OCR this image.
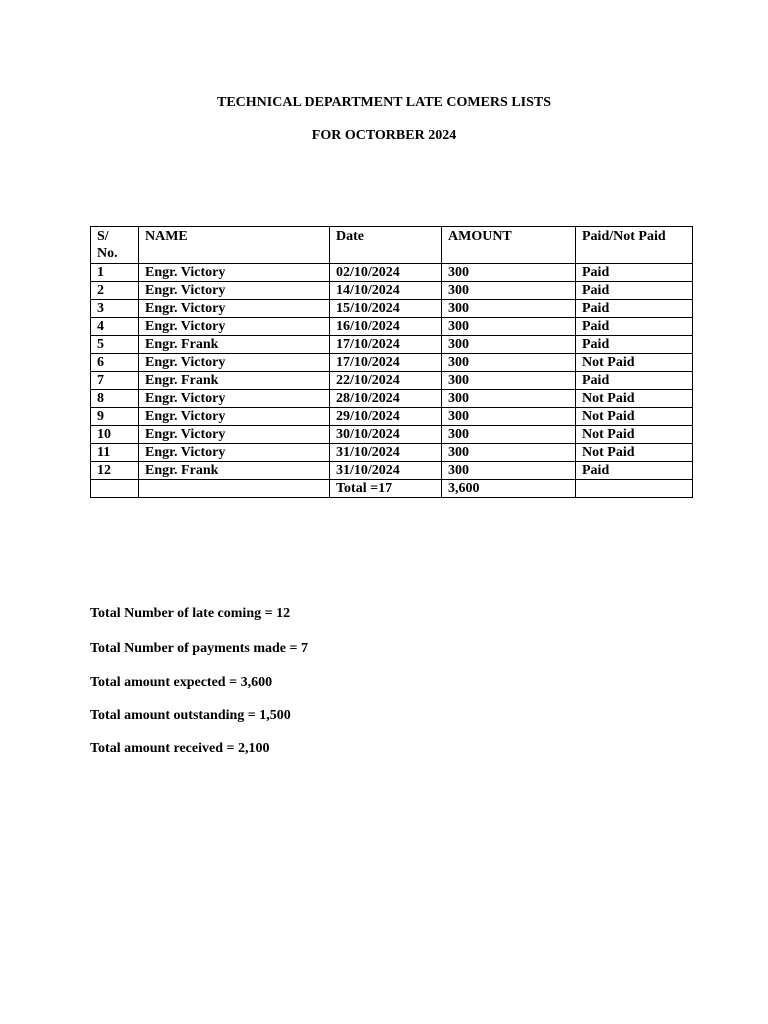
TECHNICAL DEPARTMENT LATE COMERS LISTS
FOR OCTORBER 2024
S/ No.	NAME	Date	AMOUNT	Paid/Not Paid
1	Engr. Victory	02/10/2024	300	Paid
2	Engr. Victory	14/10/2024	300	Paid
3	Engr. Victory	15/10/2024	300	Paid
4	Engr. Victory	16/10/2024	300	Paid
5	Engr. Frank	17/10/2024	300	Paid
6	Engr. Victory	17/10/2024	300	Not Paid
7	Engr. Frank	22/10/2024	300	Paid
8	Engr. Victory	28/10/2024	300	Not Paid
9	Engr. Victory	29/10/2024	300	Not Paid
10	Engr. Victory	30/10/2024	300	Not Paid
11	Engr. Victory	31/10/2024	300	Not Paid
12	Engr. Frank	31/10/2024	300	Paid
		Total =17	3,600	

Total Number of late coming = 12

Total Number of payments made = 7

Total amount expected = 3,600

Total amount outstanding = 1,500

Total amount received = 2,100
